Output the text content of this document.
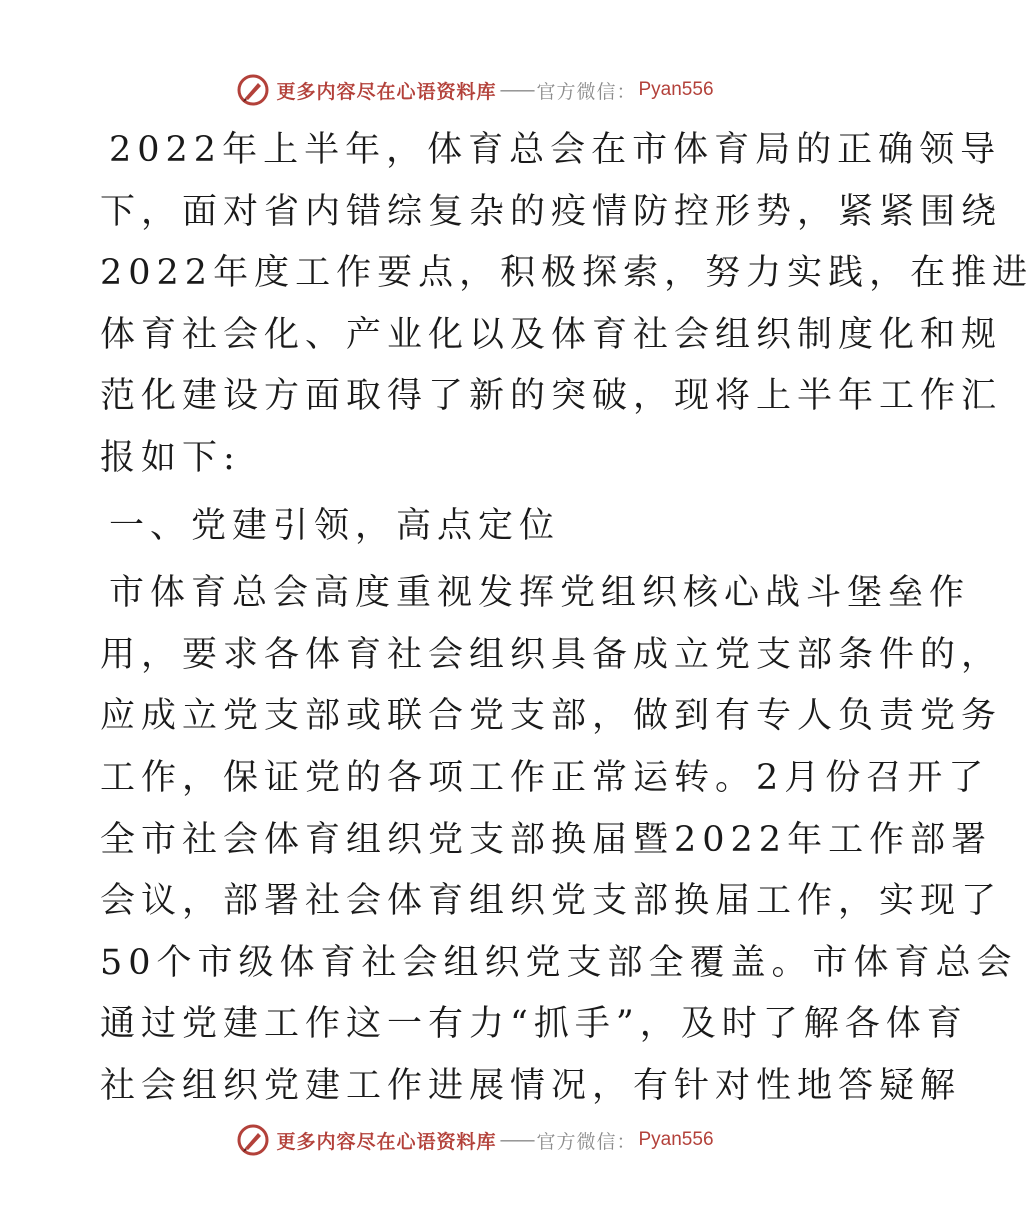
更多内容尽在心语资料库 —— 官方微信： Pyan556
2022年上半年，体育总会在市体育局的正确领导
下，面对省内错综复杂的疫情防控形势，紧紧围绕
2022年度工作要点，积极探索，努力实践，在推进
体育社会化、产业化以及体育社会组织制度化和规
范化建设方面取得了新的突破，现将上半年工作汇
报如下:
一、党建引领，高点定位
市体育总会高度重视发挥党组织核心战斗堡垒作
用，要求各体育社会组织具备成立党支部条件的，
应成立党支部或联合党支部，做到有专人负责党务
工作，保证党的各项工作正常运转。2月份召开了
全市社会体育组织党支部换届暨2022年工作部署
会议，部署社会体育组织党支部换届工作，实现了
50个市级体育社会组织党支部全覆盖。市体育总会
通过党建工作这一有力“抓手”，及时了解各体育
社会组织党建工作进展情况，有针对性地答疑解
更多内容尽在心语资料库 —— 官方微信： Pyan556
